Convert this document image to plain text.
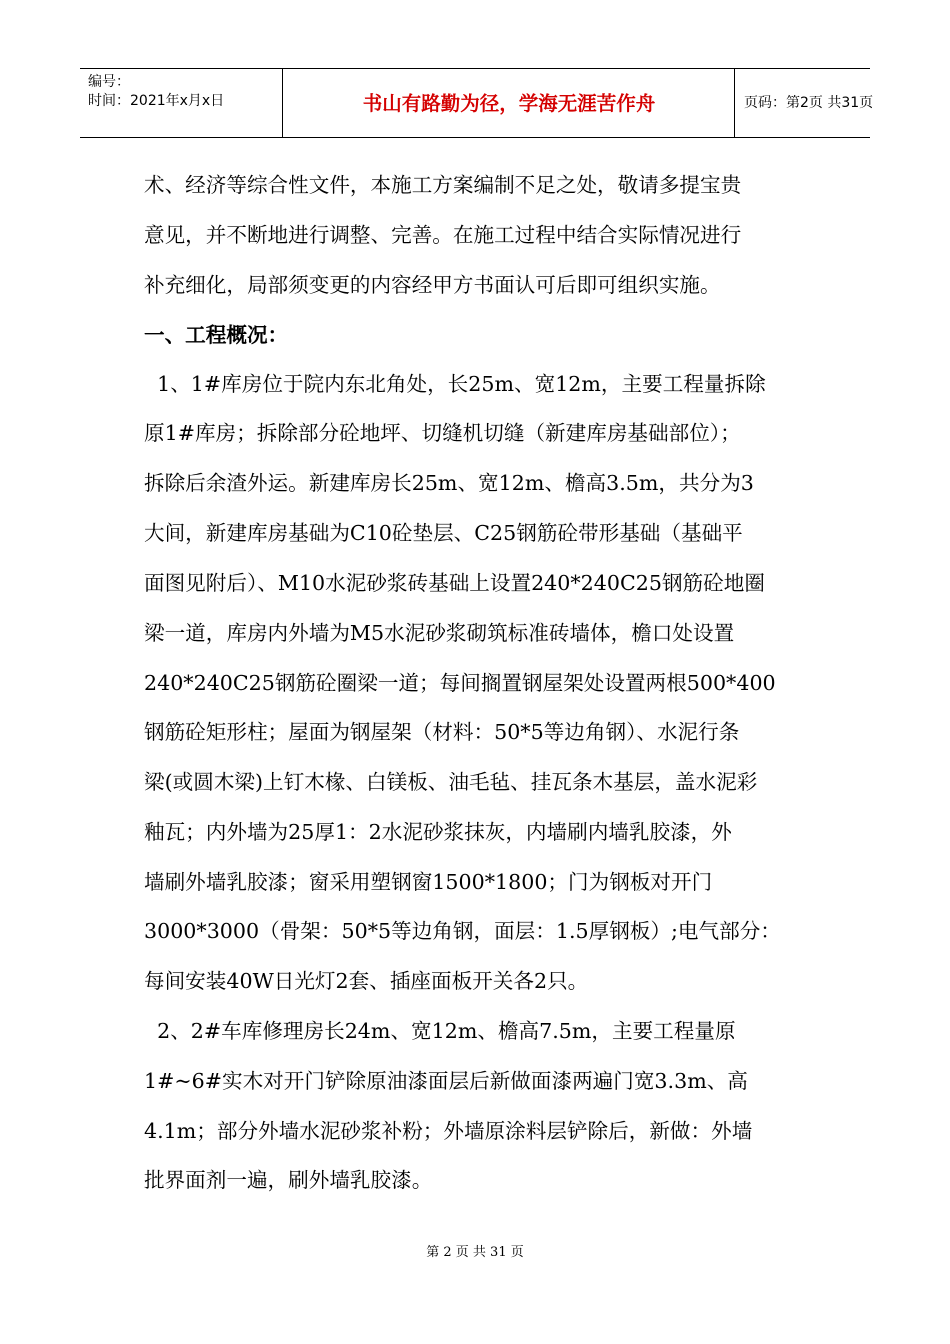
编号：
时间：2021年x月x日	书山有路勤为径，学海无涯苦作舟	页码：第2页 共31页
术、经济等综合性文件，本施工方案编制不足之处，敬请多提宝贵
意见，并不断地进行调整、完善。在施工过程中结合实际情况进行
补充细化，局部须变更的内容经甲方书面认可后即可组织实施。
一、工程概况：
1、1#库房位于院内东北角处，长25m、宽12m，主要工程量拆除
原1#库房；拆除部分砼地坪、切缝机切缝（新建库房基础部位）；
拆除后余渣外运。新建库房长25m、宽12m、檐高3.5m，共分为3
大间，新建库房基础为C10砼垫层、C25钢筋砼带形基础（基础平
面图见附后）、M10水泥砂浆砖基础上设置240*240C25钢筋砼地圈
梁一道，库房内外墙为M5水泥砂浆砌筑标准砖墙体，檐口处设置
240*240C25钢筋砼圈梁一道；每间搁置钢屋架处设置两根500*400
钢筋砼矩形柱；屋面为钢屋架（材料：50*5等边角钢）、水泥行条
梁(或圆木梁)上钉木椽、白镁板、油毛毡、挂瓦条木基层，盖水泥彩
釉瓦；内外墙为25厚1：2水泥砂浆抹灰，内墙刷内墙乳胶漆，外
墙刷外墙乳胶漆；窗采用塑钢窗1500*1800；门为钢板对开门
3000*3000（骨架：50*5等边角钢，面层：1.5厚钢板）;电气部分：
每间安装40W日光灯2套、插座面板开关各2只。
2、2#车库修理房长24m、宽12m、檐高7.5m，主要工程量原
1#~6#实木对开门铲除原油漆面层后新做面漆两遍门宽3.3m、高
4.1m；部分外墙水泥砂浆补粉；外墙原涂料层铲除后，新做：外墙
批界面剂一遍，刷外墙乳胶漆。
第 2 页 共 31 页
